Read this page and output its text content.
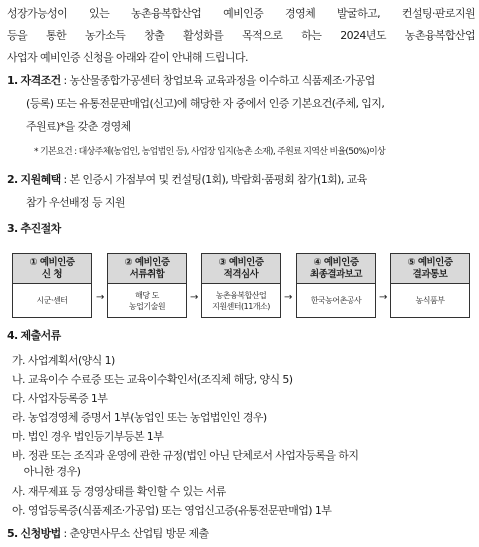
성장가능성이 있는 농촌융복합산업 예비인증 경영체 발굴하고, 컨설팅·판로지원
등을 통한 농가소득 창출 활성화를 목적으로 하는 2024년도 농촌융복합산업
사업자 예비인증 신청을 아래와 같이 안내해 드립니다.
1. 자격조건 : 농산물종합가공센터 창업보육 교육과정을 이수하고 식품제조·가공업
(등록) 또는 유통전문판매업(신고)에 해당한 자 중에서 인증 기본요건(주체, 입지,
주원료)*을 갖춘 경영체
* 기본요건 : 대상주체(농업인, 농업법인 등), 사업장 입지(농촌 소재), 주원료 지역산 비율(50%)이상
2. 지원혜택 : 본 인증시 가점부여 및 컨설팅(1회), 박람회·품평회 참가(1회), 교육
참가 우선배정 등 지원
3. 추진절차
① 예비인증
신 청
시군·센터	→
② 예비인증
서류취합
해당 도
농업기술원
→
③ 예비인증
적격심사
농촌융복합산업
지원센터(11개소)
→
④ 예비인증
최종결과보고
한국농어촌공사	→
⑤ 예비인증
결과통보
농식품부
4. 제출서류
가. 사업계획서(양식 1)
나. 교육이수 수료증 또는 교육이수확인서(조직체 해당, 양식 5)
다. 사업자등록증 1부
라. 농업경영체 증명서 1부(농업인 또는 농업법인인 경우)
마. 법인 경우 법인등기부등본 1부
바. 정관 또는 조직과 운영에 관한 규정(법인 아닌 단체로서 사업자등록을 하지
아니한 경우)
사. 재무제표 등 경영상태를 확인할 수 있는 서류
아. 영업등록증(식품제조·가공업) 또는 영업신고증(유통전문판매업) 1부
5. 신청방법 : 춘양면사무소 산업팀 방문 제출
